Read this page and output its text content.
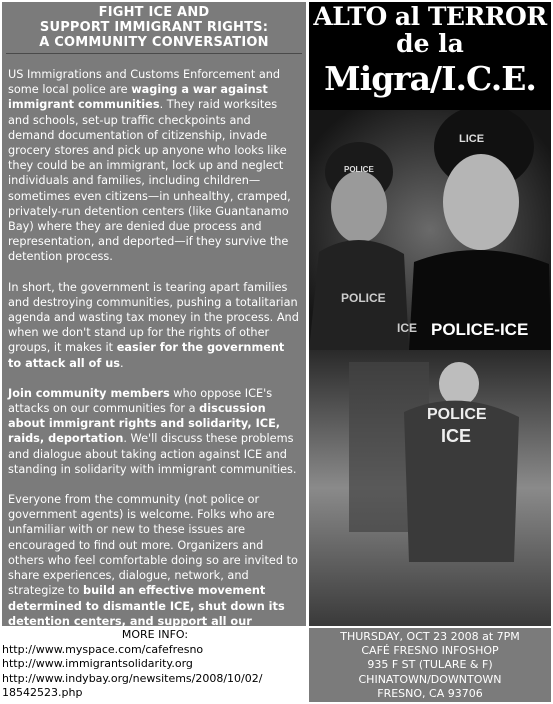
FIGHT ICE AND
SUPPORT IMMIGRANT RIGHTS:
A COMMUNITY CONVERSATION

US Immigrations and Customs Enforcement and some local police are waging a war against immigrant communities. They raid worksites and schools, set-up traffic checkpoints and demand documentation of citizenship, invade grocery stores and pick up anyone who looks like they could be an immigrant, lock up and neglect individuals and families, including children—sometimes even citizens—in unhealthy, cramped, privately-run detention centers (like Guantanamo Bay) where they are denied due process and representation, and deported—if they survive the detention process.

In short, the government is tearing apart families and destroying communities, pushing a totalitarian agenda and wasting tax money in the process. And when we don't stand up for the rights of other groups, it makes it easier for the government to attack all of us.

Join community members who oppose ICE's attacks on our communities for a discussion about immigrant rights and solidarity, ICE, raids, deportation. We'll discuss these problems and dialogue about taking action against ICE and standing in solidarity with immigrant communities.

Everyone from the community (not police or government agents) is welcome. Folks who are unfamiliar with or new to these issues are encouraged to find out more. Organizers and others who feel comfortable doing so are invited to share experiences, dialogue, network, and strategize to build an effective movement determined to dismantle ICE, shut down its detention centers, and support all our communities.

POLICE
LICE
POLICE-ICE
POLICE
ICE
POLICE
ICE
ALTO al TERROR
de la
Migra/I.C.E.
MORE INFO:
http://www.myspace.com/cafefresno
http://www.immigrantsolidarity.org
http://www.indybay.org/newsitems/2008/10/02/
18542523.php
THURSDAY, OCT 23 2008 at 7PM
CAFÉ FRESNO INFOSHOP
935 F ST (TULARE & F)
CHINATOWN/DOWNTOWN
FRESNO, CA 93706
